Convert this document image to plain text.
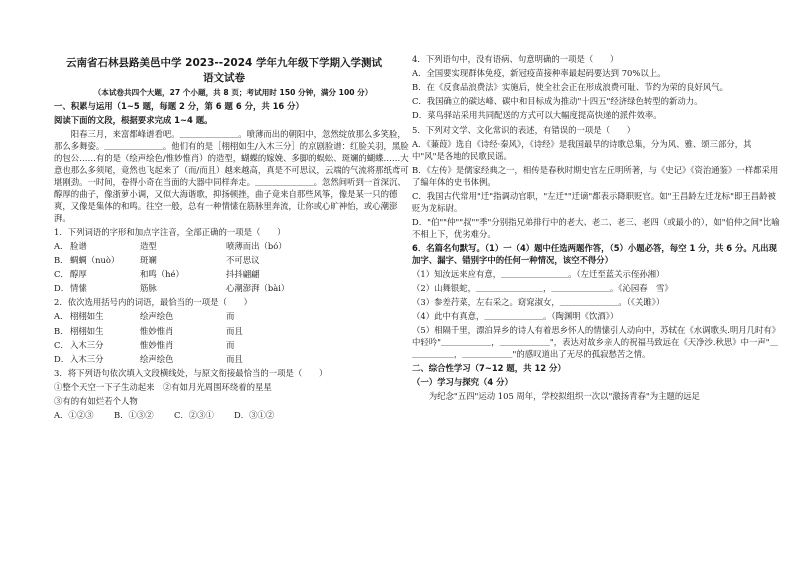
云南省石林县路美邑中学 2023--2024 学年九年级下学期入学测试
语文试卷

（本试卷共四个大题，27 个小题，共 8 页；考试用时 150 分钟，满分 100 分）

一、积累与运用（1~5 题，每题 2 分，第 6 题 6 分，共 16 分）

阅读下面的文段，根据要求完成 1~4 题。

阳春三月，来富都峰谱看吧。＿＿＿＿＿＿＿。喷薄而出的朝阳中，忽然绽放那么多笑脸，那么多舞姿。＿＿＿＿＿＿＿。他们有的是［栩栩如生/入木三分］的京剧脸谱：红脸关羽，黑脸的包公……有的是（绘声绘色/惟妙惟肖）的造型，蝴蝶的嫁娩、多脚的蜈蚣、斑斓的蝴蝶……大意也那么多须尾，竟然也飞起来了（而/而且）越来越高，真是不可思议，云端的气流将那纸鸢可堪刚劲。一时间，卷得小奇在当面的大器中同样奔走。＿＿＿＿＿＿＿。忽然间听到一首深沉、醇厚的曲子，像浙萝小调，又似大海谐歌，抑扬顿挫，曲子竟来自那些风筝，像是某一只的德爽，又像是集体的和鸣。往空一般，总有一种情愫在筋脉里奔流，让你或心旷神怡，或心潮澎湃。

1．下列词语的字形和加点字注音，全部正确的一项是（　　）

A． 脸谱	造型	喷薄而出（bó）
B． 蜩蜩（nuò）	斑斓	不可思议
C． 醇厚	和鸣（hé）	抖抖翩翩
D． 情愫	筋脉	心潮澎湃（bài）

2．依次选用括号内的词语，最恰当的一项是（　　）

A． 栩栩如生	绘声绘色	而
B． 栩栩如生	惟妙惟肖	而且
C． 入木三分	惟妙惟肖	而
D． 入木三分	绘声绘色	而且

3．将下列语句依次填入文段横线处，与原文衔接最恰当的一项是（　　）

①整个天空一下子生动起来　②有如月光周围环绕着的星星

③有的有如烂若个人物

A．①②③	B．①③②	C．②③①	D．③①②

4．下列语句中，没有语病、句意明确的一项是（　　）

A．全国要实现群体免疫，新冠疫苗接种率最起码要达到 70%以上。

B．在《反食品浪费法》实施后，使全社会正在形成浪费可耻、节约为荣的良好风气。

C．我国确立的碳达峰、碳中和目标成为推动"十四五"经济绿色转型的新动力。

D．菜鸟驿站采用共同配送的方式可以大幅度提高快递的派件效率。

5．下列对文学、文化常识的表述，有错误的一项是（　　）

A．《蒹葭》选自《诗经·秦风》，《诗经》是我国最早的诗歌总集，分为风、雅、颂三部分，其中"风"是各地的民歌民谣。

B．《左传》是儒家经典之一，相传是春秋时期史官左丘明所著，与《史记》《资治通鉴》一样都采用了编年体的史书体例。

C．我国古代常用"迁"指调动官职，"左迁""迁谪"都表示降职贬官。如"王昌龄左迁龙标"即王昌龄被贬为龙标尉。

D．"伯""仲""叔""季"分别指兄弟排行中的老大、老二、老三、老四（或最小的），如"伯仲之间"比喻不相上下，优劣难分。

6．名篇名句默写。（1）一（4）题中任选两题作答，（5）小题必答，每空 1 分，共 6 分。凡出现加字、漏字、错别字中的任何一种情况，该空不得分）

（1）知汝远来应有意，＿＿＿＿＿＿＿＿。（左迁至蓝关示侄孙湘）

（2）山舞银蛇，＿＿＿＿＿＿＿＿，＿＿＿＿＿＿＿。《沁园春　雪》

（3）参差荇菜，左右采之。窈窕淑女，＿＿＿＿＿＿＿。（《关雎》）

（4）此中有真意，＿＿＿＿＿＿＿。（陶渊明《饮酒》）

（5）相隔千里，漂泊异乡的诗人有着思乡怀人的情愫引人动向中，苏轼在《水调歌头.明月几时有》中轻吟"＿＿＿＿＿＿，＿＿＿＿＿＿"，表达对故乡亲人的祝福马致远在《天净沙.秋思》中一声"＿＿＿＿＿＿，＿＿＿＿＿＿"的感叹道出了无尽的孤寂愁苦之情。

二、综合性学习（7~12 题，共 12 分）

（一）学习与探究（4 分）

为纪念"五四"运动 105 周年，学校拟组织一次以"激扬青春"为主题的远足
